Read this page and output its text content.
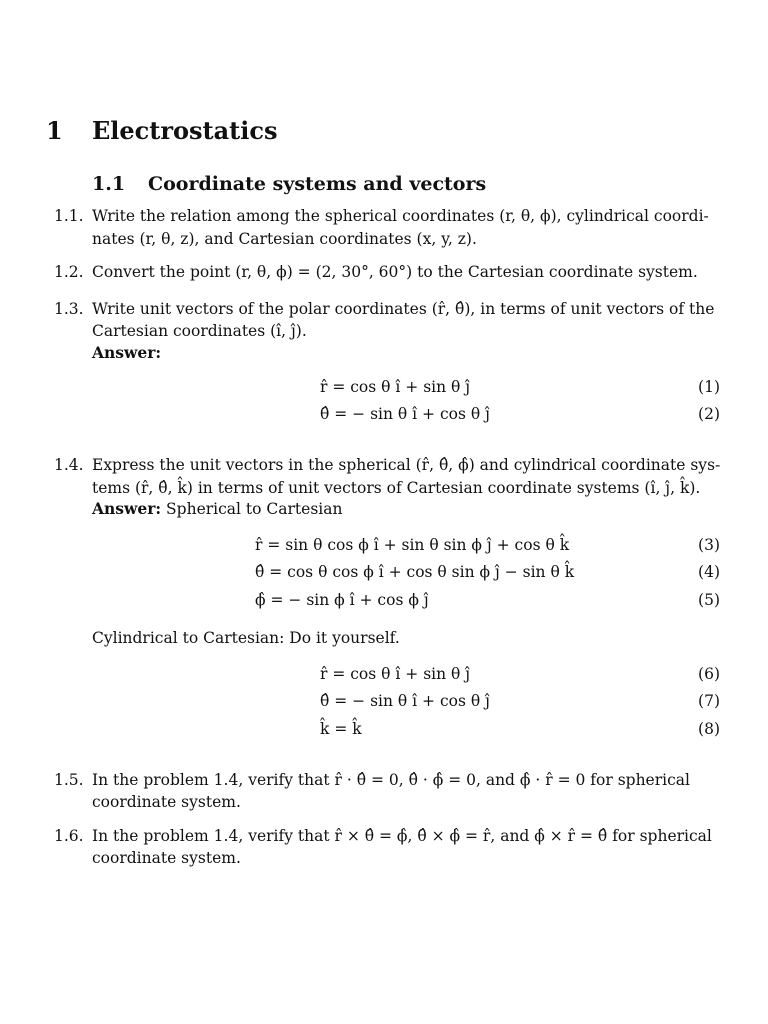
1 Electrostatics
1.1 Coordinate systems and vectors
1.1. Write the relation among the spherical coordinates (r, θ, ϕ), cylindrical coordi-
nates (r, θ, z), and Cartesian coordinates (x, y, z).
1.2. Convert the point (r, θ, ϕ) = (2, 30°, 60°) to the Cartesian coordinate system.
1.3. Write unit vectors of the polar coordinates (r̂, θ̂), in terms of unit vectors of the
Cartesian coordinates (î, ĵ).
Answer:
r̂ = cos θ î + sin θ ĵ	(1)
θ̂ = − sin θ î + cos θ ĵ	(2)
1.4. Express the unit vectors in the spherical (r̂, θ̂, ϕ̂) and cylindrical coordinate sys-
tems (r̂, θ̂, k̂) in terms of unit vectors of Cartesian coordinate systems (î, ĵ, k̂).
Answer: Spherical to Cartesian
r̂ = sin θ cos ϕ î + sin θ sin ϕ ĵ + cos θ k̂	(3)
θ̂ = cos θ cos ϕ î + cos θ sin ϕ ĵ − sin θ k̂	(4)
ϕ̂ = − sin ϕ î + cos ϕ ĵ	(5)
Cylindrical to Cartesian: Do it yourself.
r̂ = cos θ î + sin θ ĵ	(6)
θ̂ = − sin θ î + cos θ ĵ	(7)
k̂ = k̂	(8)
1.5. In the problem 1.4, verify that r̂ · θ̂ = 0, θ̂ · ϕ̂ = 0, and ϕ̂ · r̂ = 0 for spherical
coordinate system.
1.6. In the problem 1.4, verify that r̂ × θ̂ = ϕ̂, θ̂ × ϕ̂ = r̂, and ϕ̂ × r̂ = θ̂ for spherical
coordinate system.
